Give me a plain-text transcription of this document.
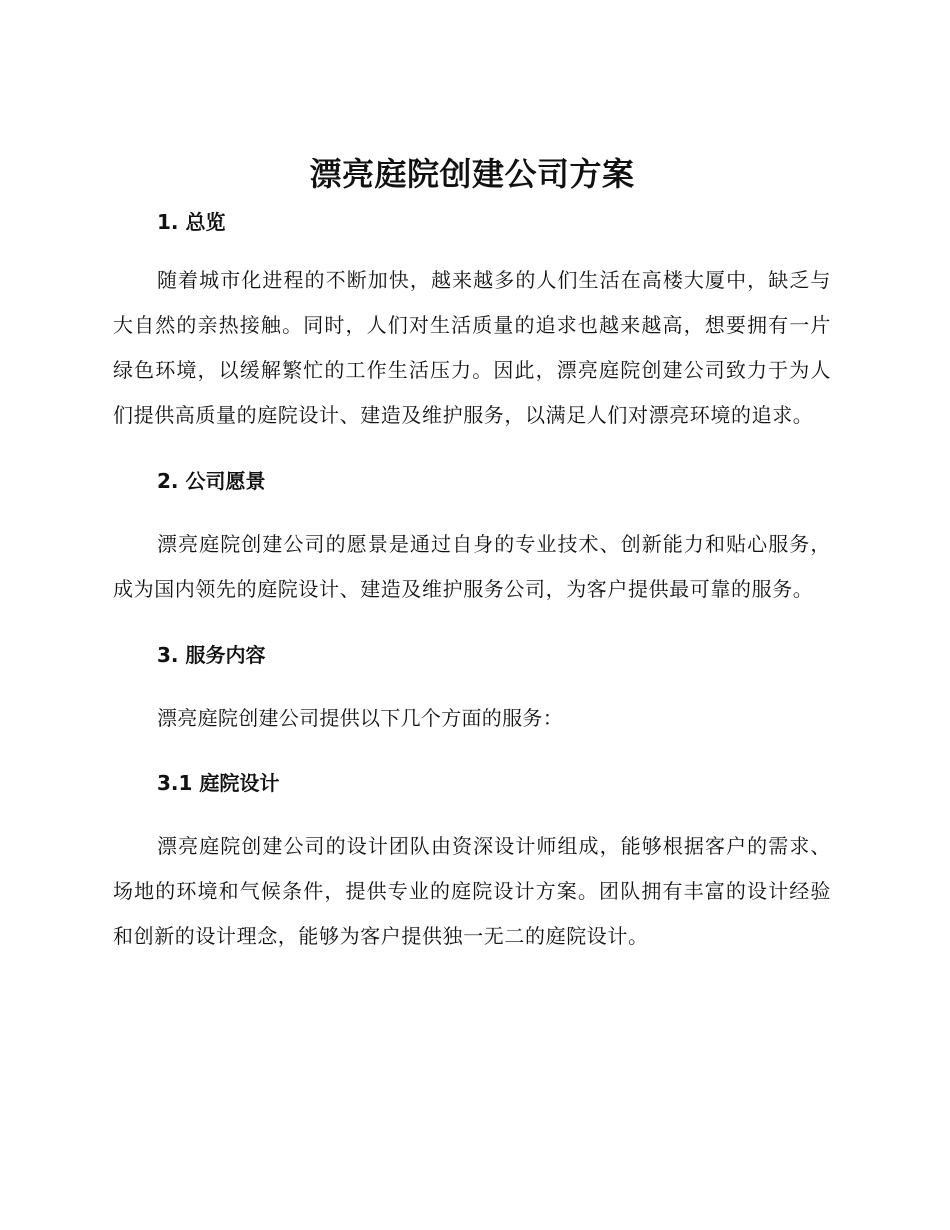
漂亮庭院创建公司方案
1. 总览

随着城市化进程的不断加快，越来越多的人们生活在高楼大厦中，缺乏与大自然的亲热接触。同时，人们对生活质量的追求也越来越高，想要拥有一片绿色环境，以缓解繁忙的工作生活压力。因此，漂亮庭院创建公司致力于为人们提供高质量的庭院设计、建造及维护服务，以满足人们对漂亮环境的追求。

2. 公司愿景

漂亮庭院创建公司的愿景是通过自身的专业技术、创新能力和贴心服务，成为国内领先的庭院设计、建造及维护服务公司，为客户提供最可靠的服务。

3. 服务内容

漂亮庭院创建公司提供以下几个方面的服务：

3.1 庭院设计

漂亮庭院创建公司的设计团队由资深设计师组成，能够根据客户的需求、场地的环境和气候条件，提供专业的庭院设计方案。团队拥有丰富的设计经验和创新的设计理念，能够为客户提供独一无二的庭院设计。
